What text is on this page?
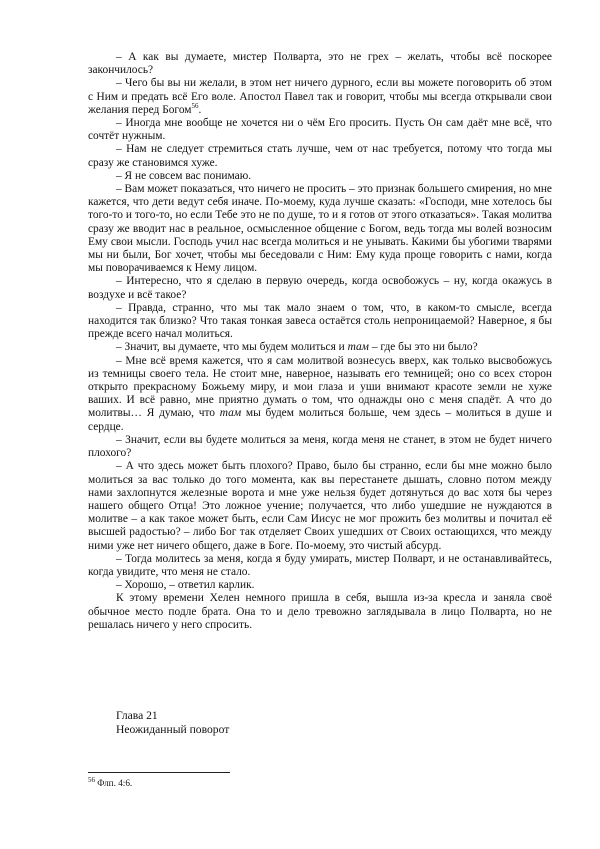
– А как вы думаете, мистер Полварта, это не грех – желать, чтобы всё поскорее закончилось?

– Чего бы вы ни желали, в этом нет ничего дурного, если вы можете поговорить об этом с Ним и предать всё Его воле. Апостол Павел так и говорит, чтобы мы всегда открывали свои желания перед Богом$^{56}$.

– Иногда мне вообще не хочется ни о чём Его просить. Пусть Он сам даёт мне всё, что сочтёт нужным.

– Нам не следует стремиться стать лучше, чем от нас требуется, потому что тогда мы сразу же становимся хуже.

– Я не совсем вас понимаю.

– Вам может показаться, что ничего не просить – это признак большего смирения, но мне кажется, что дети ведут себя иначе. По-моему, куда лучше сказать: «Господи, мне хотелось бы того-то и того-то, но если Тебе это не по душе, то и я готов от этого отказаться». Такая молитва сразу же вводит нас в реальное, осмысленное общение с Богом, ведь тогда мы волей возносим Ему свои мысли. Господь учил нас всегда молиться и не унывать. Какими бы убогими тварями мы ни были, Бог хочет, чтобы мы беседовали с Ним: Ему куда проще говорить с нами, когда мы поворачиваемся к Нему лицом.

– Интересно, что я сделаю в первую очередь, когда освобожусь – ну, когда окажусь в воздухе и всё такое?

– Правда, странно, что мы так мало знаем о том, что, в каком-то смысле, всегда находится так близко? Что такая тонкая завеса остаётся столь непроницаемой? Наверное, я бы прежде всего начал молиться.

– Значит, вы думаете, что мы будем молиться и там – где бы это ни было?

– Мне всё время кажется, что я сам молитвой вознесусь вверх, как только высвобожусь из темницы своего тела. Не стоит мне, наверное, называть его темницей; оно со всех сторон открыто прекрасному Божьему миру, и мои глаза и уши внимают красоте земли не хуже ваших. И всё равно, мне приятно думать о том, что однажды оно с меня спадёт. А что до молитвы… Я думаю, что там мы будем молиться больше, чем здесь – молиться в душе и сердце.

– Значит, если вы будете молиться за меня, когда меня не станет, в этом не будет ничего плохого?

– А что здесь может быть плохого? Право, было бы странно, если бы мне можно было молиться за вас только до того момента, как вы перестанете дышать, словно потом между нами захлопнутся железные ворота и мне уже нельзя будет дотянуться до вас хотя бы через нашего общего Отца! Это ложное учение; получается, что либо ушедшие не нуждаются в молитве – а как такое может быть, если Сам Иисус не мог прожить без молитвы и почитал её высшей радостью? – либо Бог так отделяет Своих ушедших от Своих остающихся, что между ними уже нет ничего общего, даже в Боге. По-моему, это чистый абсурд.

– Тогда молитесь за меня, когда я буду умирать, мистер Полварт, и не останавливайтесь, когда увидите, что меня не стало.

– Хорошо, – ответил карлик.

К этому времени Хелен немного пришла в себя, вышла из-за кресла и заняла своё обычное место подле брата. Она то и дело тревожно заглядывала в лицо Полварта, но не решалась ничего у него спросить.

Глава 21
Неожиданный поворот
$^{56}$ Флп. 4:6.
